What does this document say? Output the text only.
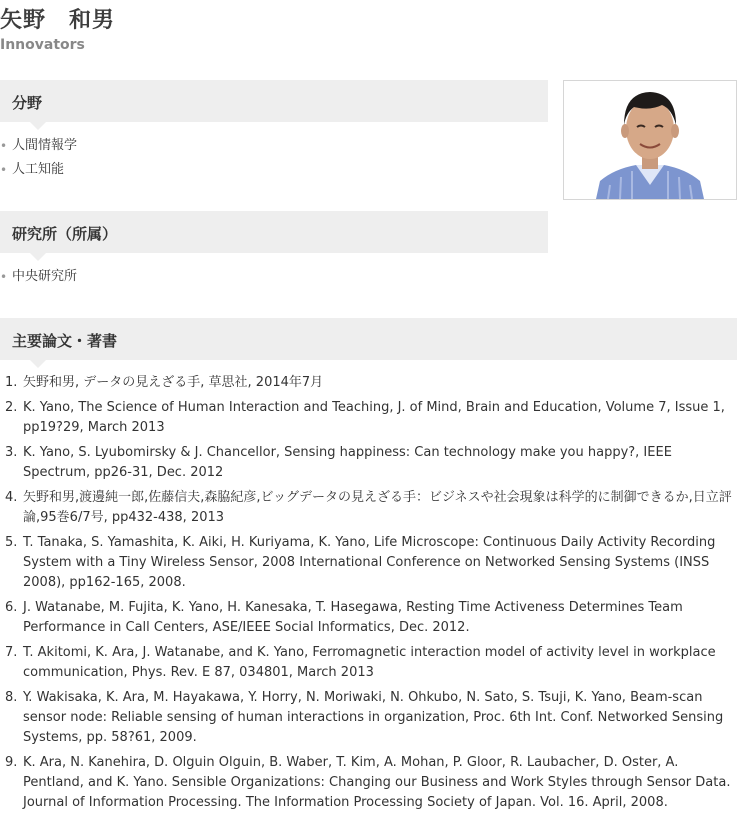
矢野　和男
Innovators
分野
• 人間情報学
• 人工知能
研究所（所属）
• 中央研究所
主要論文・著書
1. 矢野和男, データの見えざる手, 草思社, 2014年7月
2. K. Yano, The Science of Human Interaction and Teaching, J. of Mind, Brain and Education, Volume 7, Issue 1, pp19?29, March 2013
3. K. Yano, S. Lyubomirsky & J. Chancellor, Sensing happiness: Can technology make you happy?, IEEE Spectrum, pp26-31, Dec. 2012
4. 矢野和男,渡邊純一郎,佐藤信夫,森脇紀彦,ビッグデータの見えざる手：ビジネスや社会現象は科学的に制御できるか,日立評論,95巻6/7号, pp432-438, 2013
5. T. Tanaka, S. Yamashita, K. Aiki, H. Kuriyama, K. Yano, Life Microscope: Continuous Daily Activity Recording System with a Tiny Wireless Sensor, 2008 International Conference on Networked Sensing Systems (INSS 2008), pp162-165, 2008.
6. J. Watanabe, M. Fujita, K. Yano, H. Kanesaka, T. Hasegawa, Resting Time Activeness Determines Team Performance in Call Centers, ASE/IEEE Social Informatics, Dec. 2012.
7. T. Akitomi, K. Ara, J. Watanabe, and K. Yano, Ferromagnetic interaction model of activity level in workplace communication, Phys. Rev. E 87, 034801, March 2013
8. Y. Wakisaka, K. Ara, M. Hayakawa, Y. Horry, N. Moriwaki, N. Ohkubo, N. Sato, S. Tsuji, K. Yano, Beam-scan sensor node: Reliable sensing of human interactions in organization, Proc. 6th Int. Conf. Networked Sensing Systems, pp. 58?61, 2009.
9. K. Ara, N. Kanehira, D. Olguin Olguin, B. Waber, T. Kim, A. Mohan, P. Gloor, R. Laubacher, D. Oster, A. Pentland, and K. Yano. Sensible Organizations: Changing our Business and Work Styles through Sensor Data. Journal of Information Processing. The Information Processing Society of Japan. Vol. 16. April, 2008.
